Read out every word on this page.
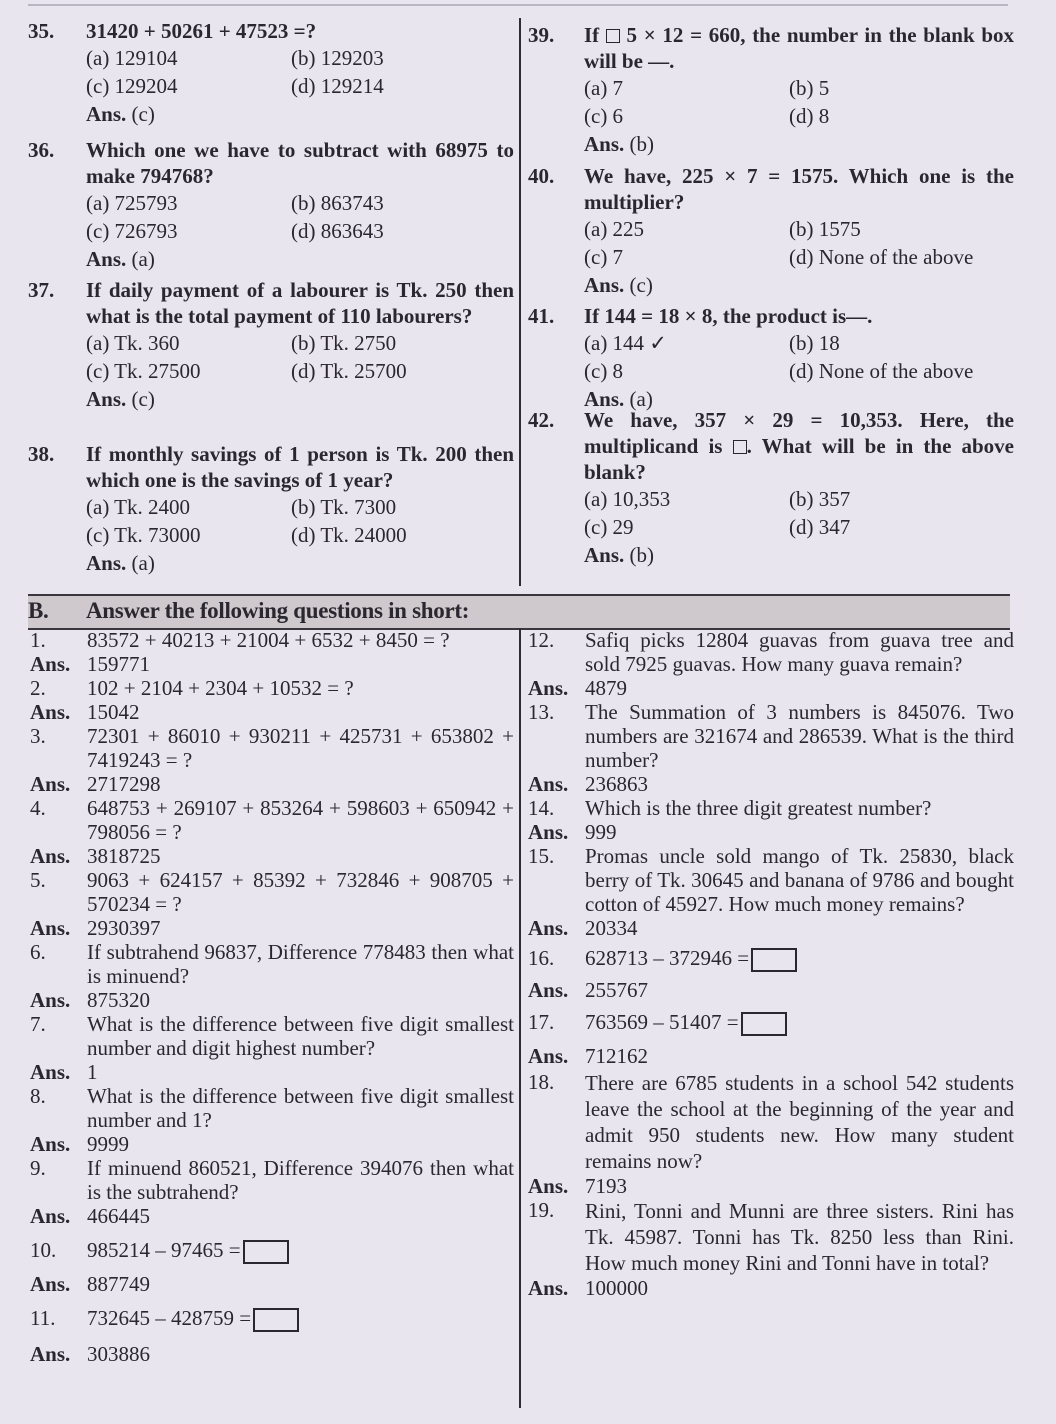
35.	31420 + 50261 + 47523 =?
(a) 129104	(b) 129203
(c) 129204	(d) 129214
Ans. (c)
36.	Which one we have to subtract with 68975 to make 794768?
(a) 725793	(b) 863743
(c) 726793	(d) 863643
Ans. (a)
37.	If daily payment of a labourer is Tk. 250 then what is the total payment of 110 labourers?
(a) Tk. 360	(b) Tk. 2750
(c) Tk. 27500	(d) Tk. 25700
Ans. (c)
38.	If monthly savings of 1 person is Tk. 200 then which one is the savings of 1 year?
(a) Tk. 2400	(b) Tk. 7300
(c) Tk. 73000	(d) Tk. 24000
Ans. (a)
39.	If  5 × 12 = 660, the number in the blank box will be —.
(a) 7	(b) 5
(c) 6	(d) 8
Ans. (b)
40.	We have, 225 × 7 = 1575. Which one is the multiplier?
(a) 225	(b) 1575
(c) 7	(d) None of the above
Ans. (c)
41.	If 144 = 18 × 8, the product is—.
(a) 144 ✓	(b) 18
(c) 8	(d) None of the above
Ans. (a)
42.	We have, 357 × 29 = 10,353. Here, the multiplicand is . What will be in the above blank?
(a) 10,353	(b) 357
(c) 29	(d) 347
Ans. (b)
B. Answer the following questions in short:
1.	83572 + 40213 + 21004 + 6532 + 8450 = ?
Ans. 159771
2.	102 + 2104 + 2304 + 10532 = ?
Ans. 15042
3.	72301 + 86010 + 930211 + 425731 + 653802 + 7419243 = ?
Ans. 2717298
4.	648753 + 269107 + 853264 + 598603 + 650942 + 798056 = ?
Ans. 3818725
5.	9063 + 624157 + 85392 + 732846 + 908705 + 570234 = ?
Ans. 2930397
6.	If subtrahend 96837, Difference 778483 then what is minuend?
Ans. 875320
7.	What is the difference between five digit smallest number and digit highest number?
Ans. 1
8.	What is the difference between five digit smallest number and 1?
Ans. 9999
9.	If minuend 860521, Difference 394076 then what is the subtrahend?
Ans. 466445
10.	985214 – 97465 =
Ans. 887749
11.	732645 – 428759 =
Ans. 303886
12.	Safiq picks 12804 guavas from guava tree and sold 7925 guavas. How many guava remain?
Ans. 4879
13.	The Summation of 3 numbers is 845076. Two numbers are 321674 and 286539. What is the third number?
Ans. 236863
14.	Which is the three digit greatest number?
Ans. 999
15.	Promas uncle sold mango of Tk. 25830, black berry of Tk. 30645 and banana of 9786 and bought cotton of 45927. How much money remains?
Ans. 20334
16.	628713 – 372946 =
Ans. 255767
17.	763569 – 51407 =
Ans. 712162
18.	There are 6785 students in a school 542 students leave the school at the beginning of the year and admit 950 students new. How many student remains now?
Ans. 7193
19.	Rini, Tonni and Munni are three sisters. Rini has Tk. 45987. Tonni has Tk. 8250 less than Rini. How much money Rini and Tonni have in total?
Ans. 100000
